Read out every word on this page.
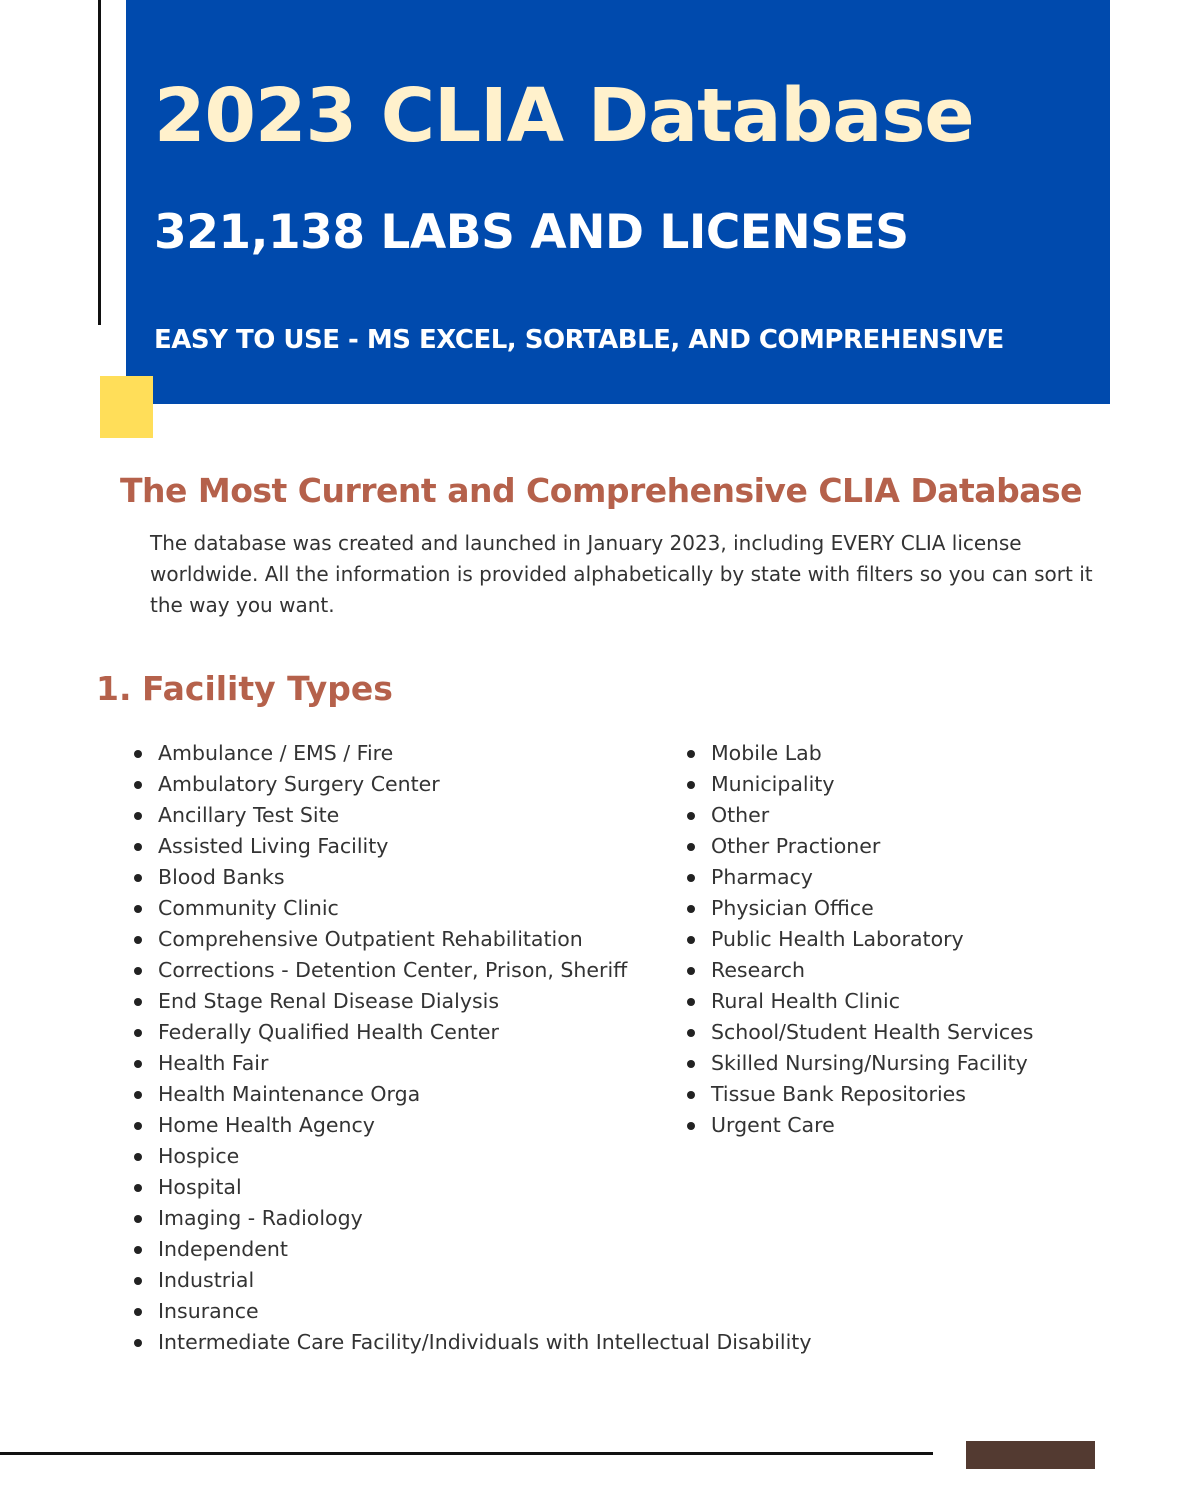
2023 CLIA Database
321,138 LABS AND LICENSES

EASY TO USE - MS EXCEL, SORTABLE, AND COMPREHENSIVE

The Most Current and Comprehensive CLIA Database

The database was created and launched in January 2023, including EVERY CLIA license worldwide. All the information is provided alphabetically by state with filters so you can sort it the way you want.

1. Facility Types
Ambulance / EMS / Fire
Ambulatory Surgery Center
Ancillary Test Site
Assisted Living Facility
Blood Banks
Community Clinic
Comprehensive Outpatient Rehabilitation
Corrections - Detention Center, Prison, Sheriff
End Stage Renal Disease Dialysis
Federally Qualified Health Center
Health Fair
Health Maintenance Orga
Home Health Agency
Hospice
Hospital
Imaging - Radiology
Independent
Industrial
Insurance
Intermediate Care Facility/Individuals with Intellectual Disability
Mobile Lab
Municipality
Other
Other Practioner
Pharmacy
Physician Office
Public Health Laboratory
Research
Rural Health Clinic
School/Student Health Services
Skilled Nursing/Nursing Facility
Tissue Bank Repositories
Urgent Care
